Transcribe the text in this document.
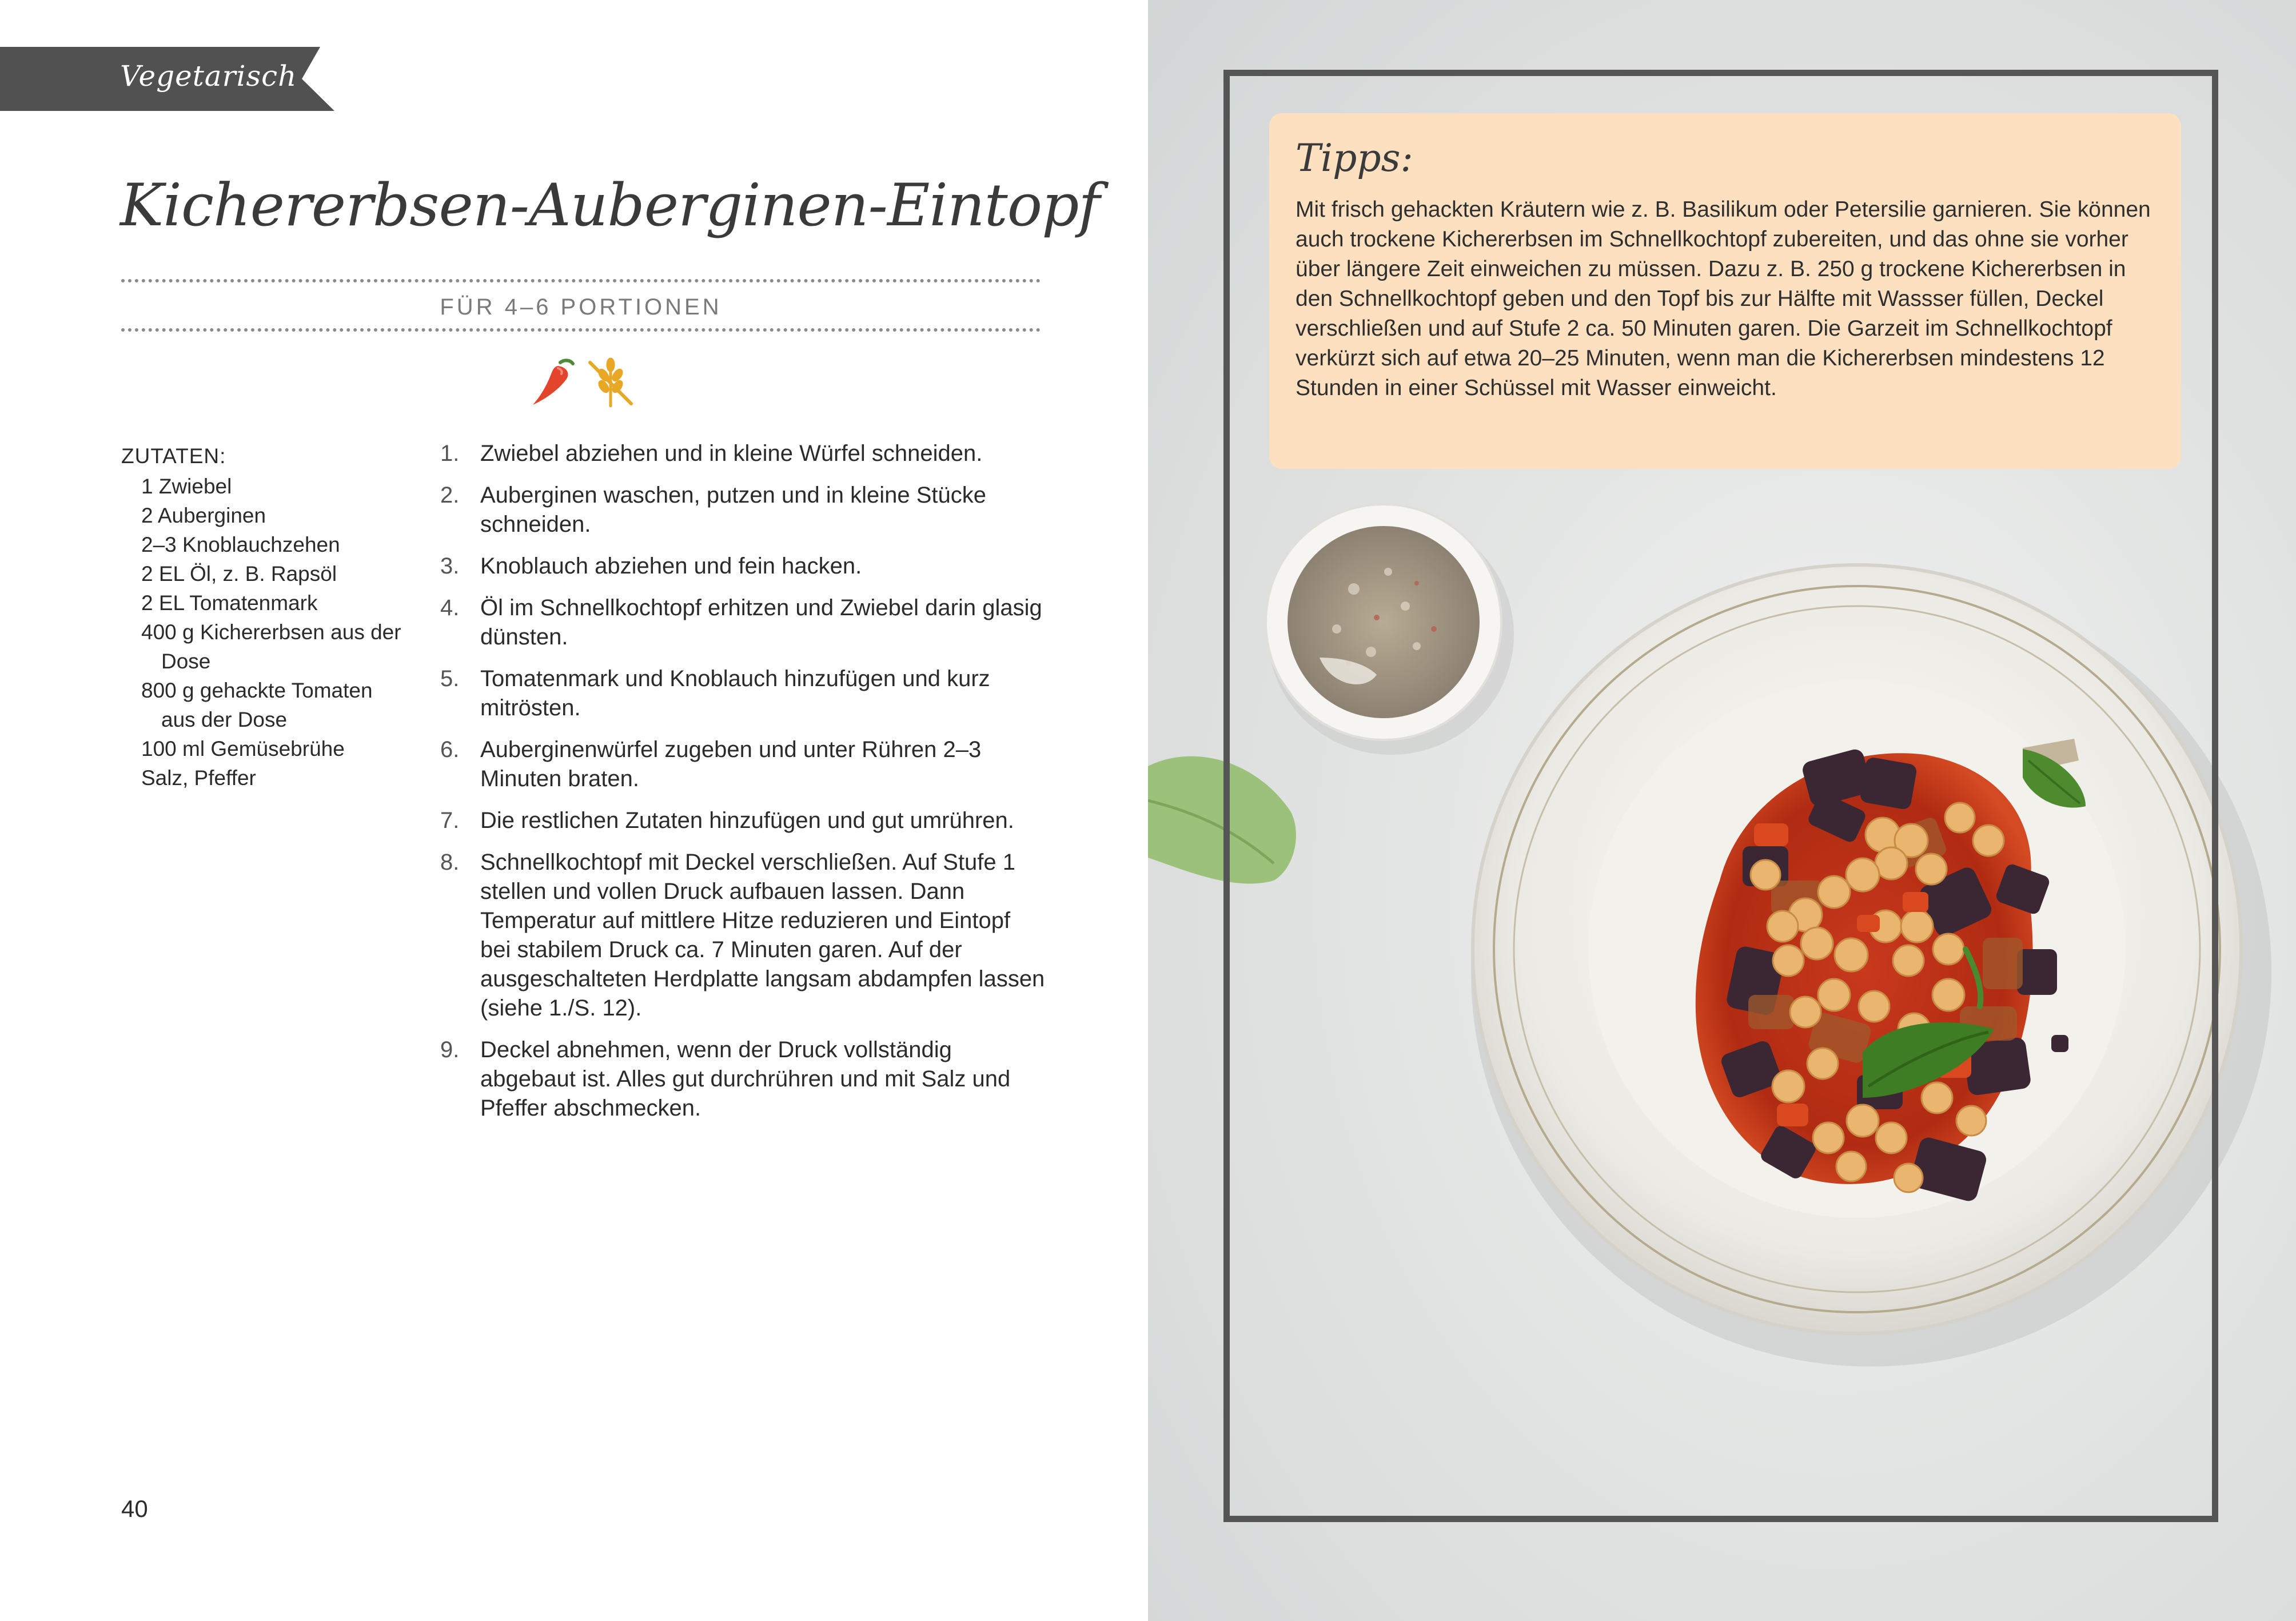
Vegetarisch
Kichererbsen-Auberginen-Eintopf
FÜR 4–6 PORTIONEN
ZUTATEN:
1 Zwiebel
2 Auberginen
2–3 Knoblauchzehen
2 EL Öl, z. B. Rapsöl
2 EL Tomatenmark
400 g Kichererbsen aus der Dose
800 g gehackte Tomaten aus der Dose
100 ml Gemüsebrühe
Salz, Pfeffer
1. Zwiebel abziehen und in kleine Würfel schneiden.
2. Auberginen waschen, putzen und in kleine Stücke schneiden.
3. Knoblauch abziehen und fein hacken.
4. Öl im Schnellkochtopf erhitzen und Zwiebel darin glasig dünsten.
5. Tomatenmark und Knoblauch hinzufügen und kurz mitrösten.
6. Auberginenwürfel zugeben und unter Rühren 2–3 Minuten braten.
7. Die restlichen Zutaten hinzufügen und gut umrühren.
8. Schnellkochtopf mit Deckel verschließen. Auf Stufe 1 stellen und vollen Druck aufbauen lassen. Dann Temperatur auf mittlere Hitze reduzieren und Eintopf bei stabilem Druck ca. 7 Minuten garen. Auf der ausgeschalteten Herdplatte langsam abdampfen lassen (siehe 1./S. 12).
9. Deckel abnehmen, wenn der Druck vollständig abgebaut ist. Alles gut durchrühren und mit Salz und Pfeffer abschmecken.
40
Tipps:
Mit frisch gehackten Kräutern wie z. B. Basilikum oder Petersilie garnieren. Sie können auch trockene Kichererbsen im Schnellkochtopf zubereiten, und das ohne sie vorher über längere Zeit einweichen zu müssen. Dazu z. B. 250 g trockene Kichererbsen in den Schnellkochtopf geben und den Topf bis zur Hälfte mit Wassser füllen, Deckel verschließen und auf Stufe 2 ca. 50 Minuten garen. Die Garzeit im Schnellkochtopf verkürzt sich auf etwa 20–25 Minuten, wenn man die Kichererbsen mindestens 12 Stunden in einer Schüssel mit Wasser einweicht.
